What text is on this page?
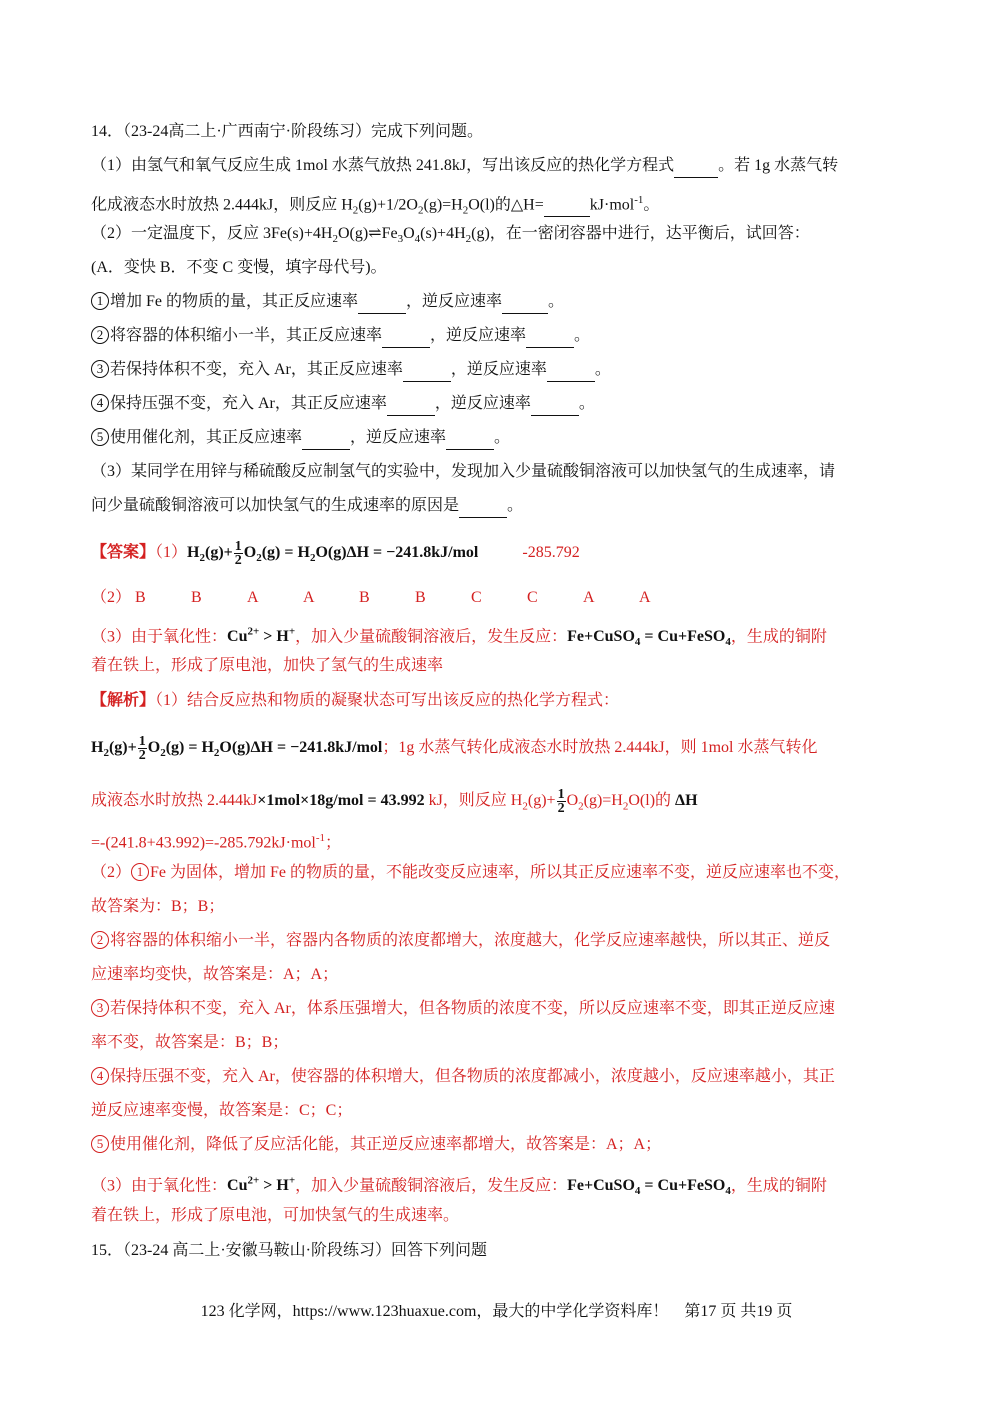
14．（23-24高二上·广西南宁·阶段练习）完成下列问题。
（1）由氢气和氧气反应生成 1mol 水蒸气放热 241.8kJ，写出该反应的热化学方程式	。若 1g 水蒸气转
化成液态水时放热 2.444kJ，则反应 $H_2(g)+1/2O_2(g)=H_2O(l)$的△H=	kJ·mol$^{-1}$。
（2）一定温度下，反应 $3Fe(s)+4H_2O(g)\rightleftharpoons Fe_3O_4(s)+4H_2(g)$，在一密闭容器中进行，达平衡后，试回答：
(A．变快 B．不变 C 变慢，填字母代号)。
1 增加 Fe 的物质的量，其正反应速率	，逆反应速率	。
2 将容器的体积缩小一半，其正反应速率	，逆反应速率	。
3 若保持体积不变，充入 Ar，其正反应速率	，逆反应速率	。
4 保持压强不变，充入 Ar，其正反应速率	，逆反应速率	。
5 使用催化剂，其正反应速率	，逆反应速率	。
（3）某同学在用锌与稀硫酸反应制氢气的实验中，发现加入少量硫酸铜溶液可以加快氢气的生成速率，请
问少量硫酸铜溶液可以加快氢气的生成速率的原因是	。
【答案】$(1)H_2(g)+ \frac{1}{2} O_2(g) = H_2O(g)\Delta H = -241.8kJ/mol$	-285.792
（2） B	B	A	A	B	B	C	C	A	A
（3）由于氧化性：$Cu^{2+} > H^+$，加入少量硫酸铜溶液后，发生反应：Fe+CuSO$_4$ = Cu+FeSO$_4$，生成的铜附
着在铁上，形成了原电池，加快了氢气的生成速率
【解析】（1）结合反应热和物质的凝聚状态可写出该反应的热化学方程式：
$H_2(g)+ \frac{1}{2} O_2(g) = H_2O(g)\Delta H = -241.8kJ/mol$；1g 水蒸气转化成液态水时放热 2.444kJ，则 1mol 水蒸气转化
成液态水时放热 2.444kJ×1mol×18g/mol = 43.992 kJ，则反应 $H_2(g)+ \frac{1}{2} O_2(g)=H_2O(l)$的 ΔH
=-(241.8+43.992)=-285.792kJ·mol$^{-1}$；
（2） 1 Fe 为固体，增加 Fe 的物质的量，不能改变反应速率，所以其正反应速率不变，逆反应速率也不变，
故答案为：B；B；
2 将容器的体积缩小一半，容器内各物质的浓度都增大，浓度越大，化学反应速率越快，所以其正、逆反
应速率均变快，故答案是：A；A；
3 若保持体积不变，充入 Ar，体系压强增大，但各物质的浓度不变，所以反应速率不变，即其正逆反应速
率不变，故答案是：B；B；
4 保持压强不变，充入 Ar，使容器的体积增大，但各物质的浓度都减小，浓度越小，反应速率越小，其正
逆反应速率变慢，故答案是：C；C；
5 使用催化剂，降低了反应活化能，其正逆反应速率都增大，故答案是：A；A；
（3）由于氧化性：$Cu^{2+} > H^+$，加入少量硫酸铜溶液后，发生反应：Fe+CuSO$_4$ = Cu+FeSO$_4$，生成的铜附
着在铁上，形成了原电池，可加快氢气的生成速率。
15．（23-24 高二上·安徽马鞍山·阶段练习）回答下列问题
123 化学网，https://www.123huaxue.com，最大的中学化学资料库！　第17 页 共19 页
